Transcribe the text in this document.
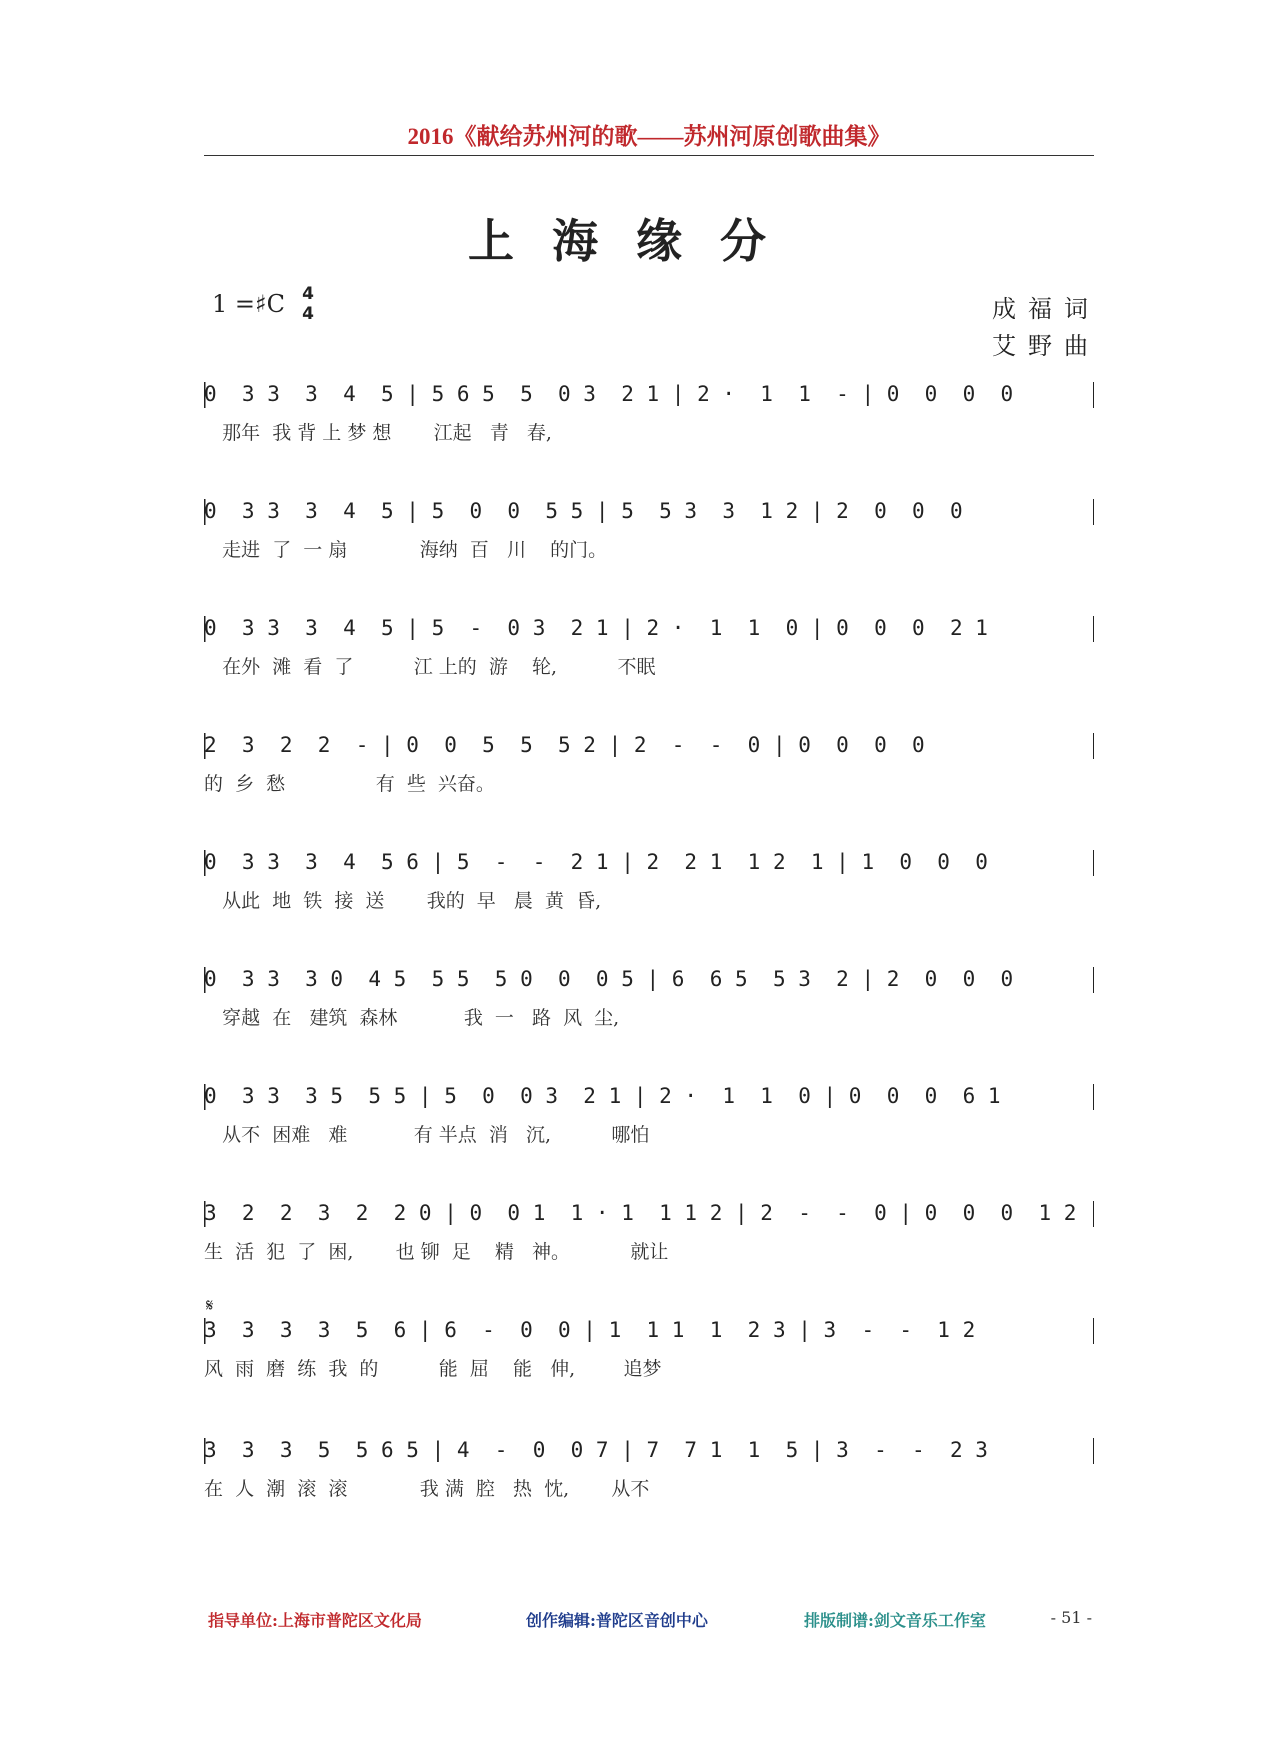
2016《献给苏州河的歌——苏州河原创歌曲集》
上海缘分
1 =♯C 4
4	成福词
艾野曲
0  3 3  3  4  5 | 5 6 5  5  0 3  2 1 | 2 ·  1  1  - | 0  0  0  0
那年  我 背 上 梦 想       江起   青   春,
0  3 3  3  4  5 | 5  0  0  5 5 | 5  5 3  3  1 2 | 2  0  0  0
走进  了  一 扇            海纳  百   川    的门。
0  3 3  3  4  5 | 5  -  0 3  2 1 | 2 ·  1  1  0 | 0  0  0  2 1
在外  滩  看  了          江 上的  游    轮,          不眠
2  3  2  2  - | 0  0  5  5  5 2 | 2  -  -  0 | 0  0  0  0
的  乡  愁               有  些  兴奋。
0  3 3  3  4  5 6 | 5  -  -  2 1 | 2  2 1  1 2  1 | 1  0  0  0
从此  地  铁  接  送       我的  早   晨  黄  昏,
0  3 3  3 0  4 5  5 5  5 0  0  0 5 | 6  6 5  5 3  2 | 2  0  0  0
穿越  在   建筑  森林           我  一   路  风  尘,
0  3 3  3 5  5 5 | 5  0  0 3  2 1 | 2 ·  1  1  0 | 0  0  0  6 1
从不  困难   难           有 半点  消   沉,          哪怕
3  2  2  3  2  2 0 | 0  0 1  1 · 1  1 1 2 | 2  -  -  0 | 0  0  0  1 2
生  活  犯  了  困,       也 铆  足    精   神。          就让
𝄋
3  3  3  3  5  6 | 6  -  0  0 | 1  1 1  1  2 3 | 3  -  -  1 2
风  雨  磨  练  我  的          能  屈    能   伸,        追梦
3  3  3  5  5 6 5 | 4  -  0  0 7 | 7  7 1  1  5 | 3  -  -  2 3
在  人  潮  滚  滚            我 满  腔   热  忱,       从不
指导单位:上海市普陀区文化局	创作编辑:普陀区音创中心	排版制谱:剑文音乐工作室	- 51 -
